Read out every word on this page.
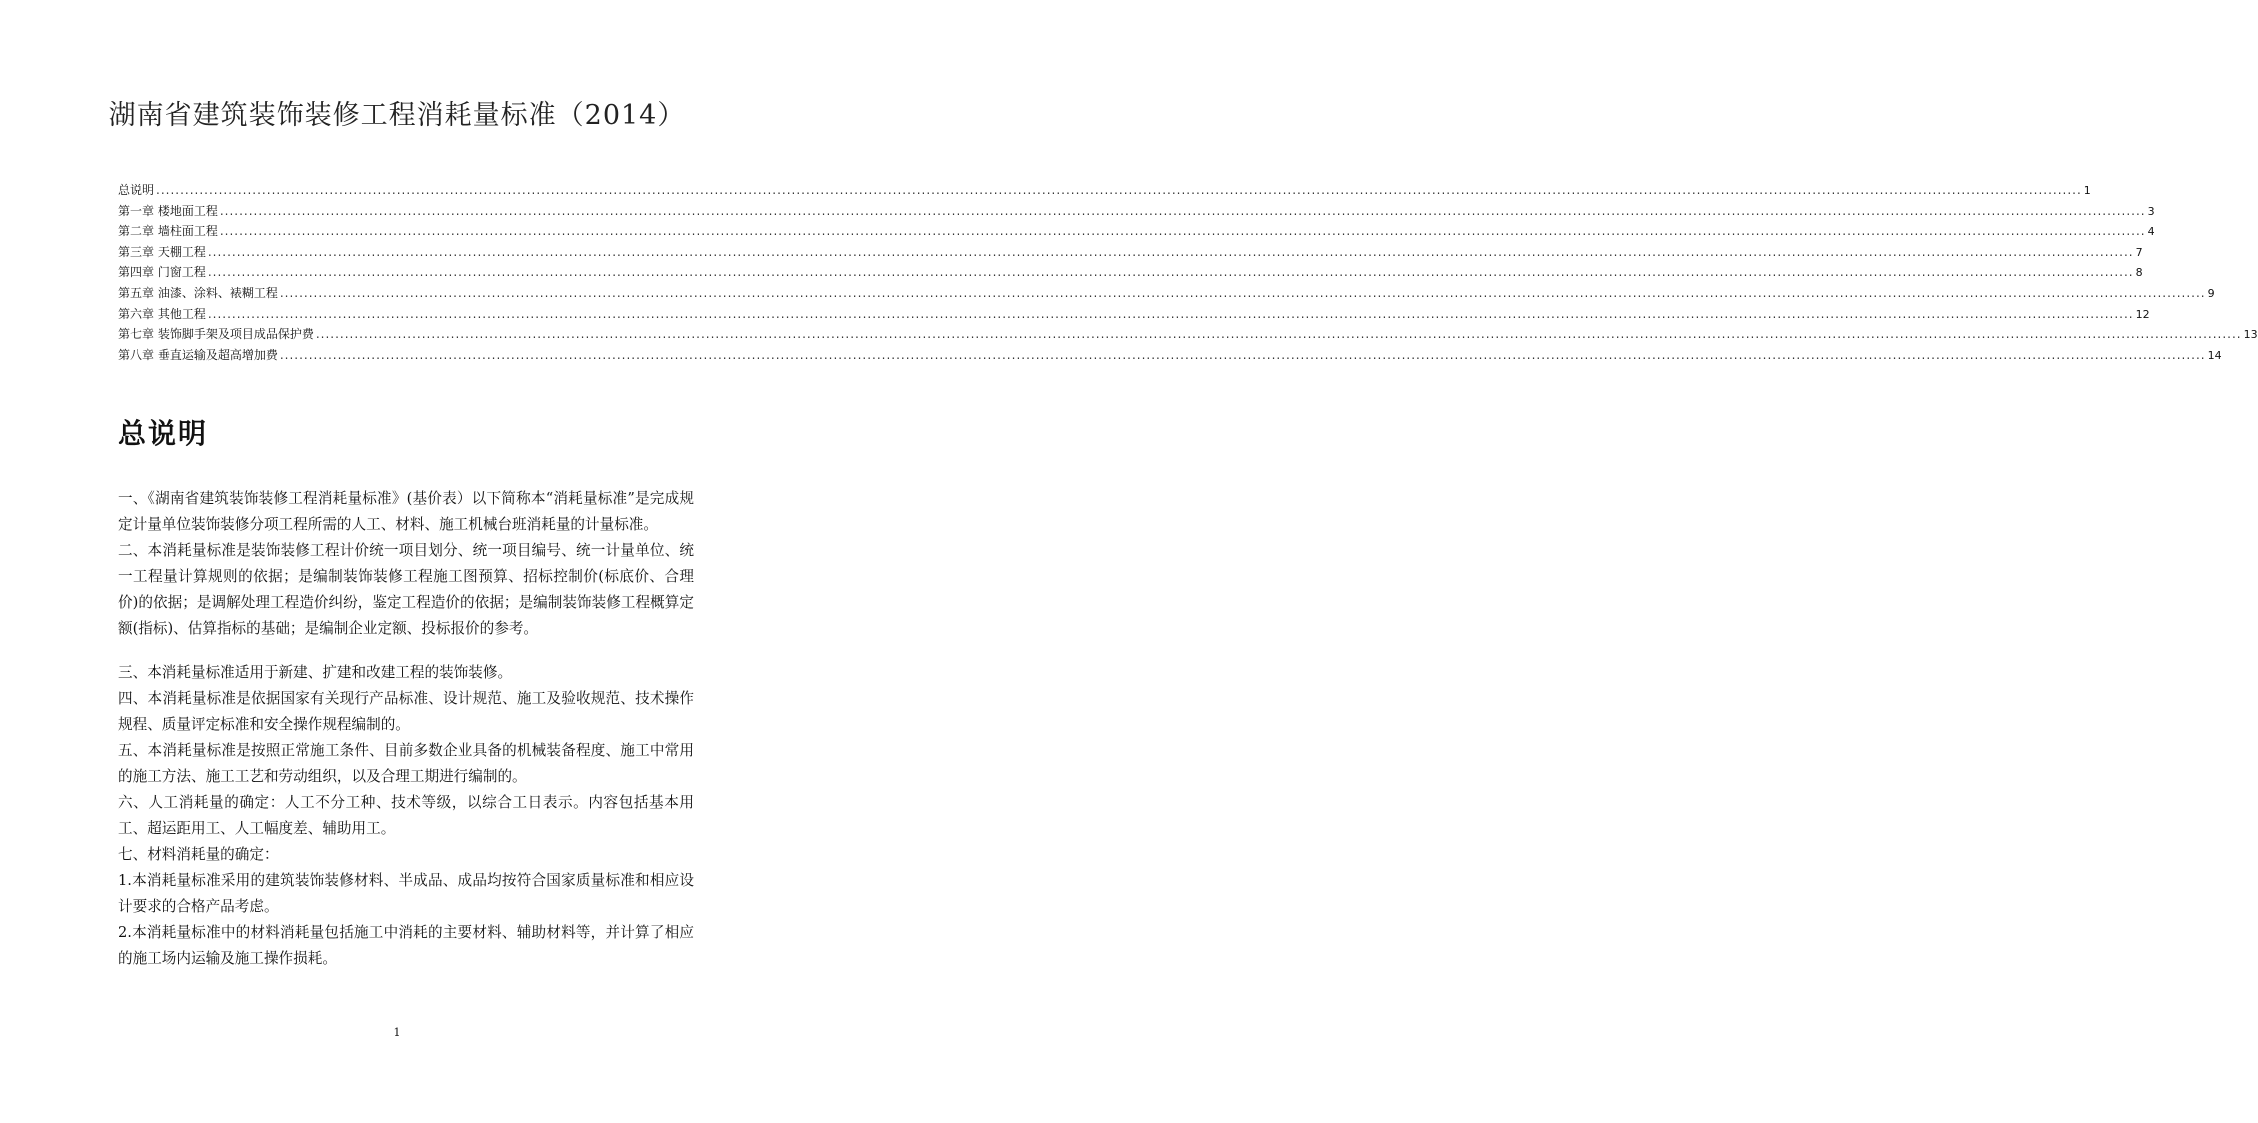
湖南省建筑装饰装修工程消耗量标准（2014）
总说明 ................................................................................................................................................................................................................................................................................................................................................................................................................ 1
第一章 楼地面工程 ................................................................................................................................................................................................................................................................................................................................................................................................................ 3
第二章 墙柱面工程 ................................................................................................................................................................................................................................................................................................................................................................................................................ 4
第三章 天棚工程 ................................................................................................................................................................................................................................................................................................................................................................................................................ 7
第四章 门窗工程 ................................................................................................................................................................................................................................................................................................................................................................................................................ 8
第五章 油漆、涂料、裱糊工程 ................................................................................................................................................................................................................................................................................................................................................................................................................ 9
第六章 其他工程 ................................................................................................................................................................................................................................................................................................................................................................................................................ 12
第七章 装饰脚手架及项目成品保护费 ................................................................................................................................................................................................................................................................................................................................................................................................................ 13
第八章 垂直运输及超高增加费 ................................................................................................................................................................................................................................................................................................................................................................................................................ 14
总说明

一、《湖南省建筑装饰装修工程消耗量标准》(基价表）以下简称本“消耗量标准”是完成规定计量单位装饰装修分项工程所需的人工、材料、施工机械台班消耗量的计量标准。

二、本消耗量标准是装饰装修工程计价统一项目划分、统一项目编号、统一计量单位、统一工程量计算规则的依据；是编制装饰装修工程施工图预算、招标控制价(标底价、合理价)的依据；是调解处理工程造价纠纷，鉴定工程造价的依据；是编制装饰装修工程概算定额(指标)、估算指标的基础；是编制企业定额、投标报价的参考。

三、本消耗量标准适用于新建、扩建和改建工程的装饰装修。

四、本消耗量标准是依据国家有关现行产品标准、设计规范、施工及验收规范、技术操作规程、质量评定标准和安全操作规程编制的。

五、本消耗量标准是按照正常施工条件、目前多数企业具备的机械装备程度、施工中常用的施工方法、施工工艺和劳动组织，以及合理工期进行编制的。

六、人工消耗量的确定：人工不分工种、技术等级，以综合工日表示。内容包括基本用工、超运距用工、人工幅度差、辅助用工。

七、材料消耗量的确定：

1.本消耗量标准采用的建筑装饰装修材料、半成品、成品均按符合国家质量标准和相应设计要求的合格产品考虑。

2.本消耗量标准中的材料消耗量包括施工中消耗的主要材料、辅助材料等，并计算了相应的施工场内运输及施工操作损耗。

1
